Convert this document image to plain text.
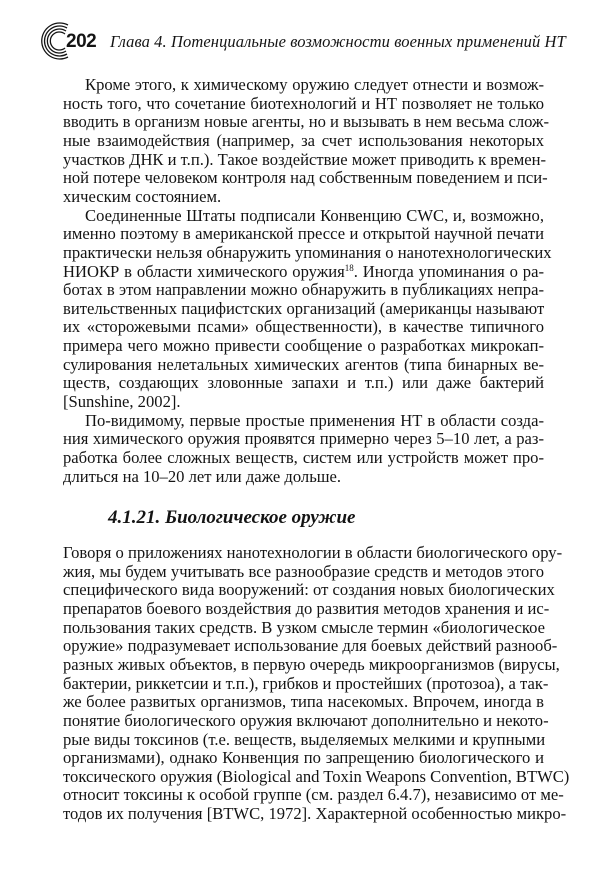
202 Глава 4. Потенциальные возможности военных применений НТ
Кроме этого, к химическому оружию следует отнести и возмож-
ность того, что сочетание биотехнологий и НТ позволяет не только
вводить в организм новые агенты, но и вызывать в нем весьма слож-
ные взаимодействия (например, за счет использования некоторых
участков ДНК и т.п.). Такое воздействие может приводить к времен-
ной потере человеком контроля над собственным поведением и пси-
хическим состоянием.
Соединенные Штаты подписали Конвенцию CWC, и, возможно,
именно поэтому в американской прессе и открытой научной печати
практически нельзя обнаружить упоминания о нанотехнологических
НИОКР в области химического оружия$^{18}$. Иногда упоминания о ра-
ботах в этом направлении можно обнаружить в публикациях непра-
вительственных пацифистских организаций (американцы называют
их «сторожевыми псами» общественности), в качестве типичного
примера чего можно привести сообщение о разработках микрокап-
сулирования нелетальных химических агентов (типа бинарных ве-
ществ, создающих зловонные запахи и т.п.) или даже бактерий
[Sunshine, 2002].
По-видимому, первые простые применения НТ в области созда-
ния химического оружия проявятся примерно через 5–10 лет, а раз-
работка более сложных веществ, систем или устройств может про-
длиться на 10–20 лет или даже дольше.
Говоря о приложениях нанотехнологии в области биологического ору-
жия, мы будем учитывать все разнообразие средств и методов этого
специфического вида вооружений: от создания новых биологических
препаратов боевого воздействия до развития методов хранения и ис-
пользования таких средств. В узком смысле термин «биологическое
оружие» подразумевает использование для боевых действий разнооб-
разных живых объектов, в первую очередь микроорганизмов (вирусы,
бактерии, риккетсии и т.п.), грибков и простейших (протозоа), а так-
же более развитых организмов, типа насекомых. Впрочем, иногда в
понятие биологического оружия включают дополнительно и некото-
рые виды токсинов (т.е. веществ, выделяемых мелкими и крупными
организмами), однако Конвенция по запрещению биологического и
токсического оружия (Biological and Toxin Weapons Convention, BTWC)
относит токсины к особой группе (см. раздел 6.4.7), независимо от ме-
тодов их получения [BTWC, 1972]. Характерной особенностью микро-
4.1.21. Биологическое оружие
